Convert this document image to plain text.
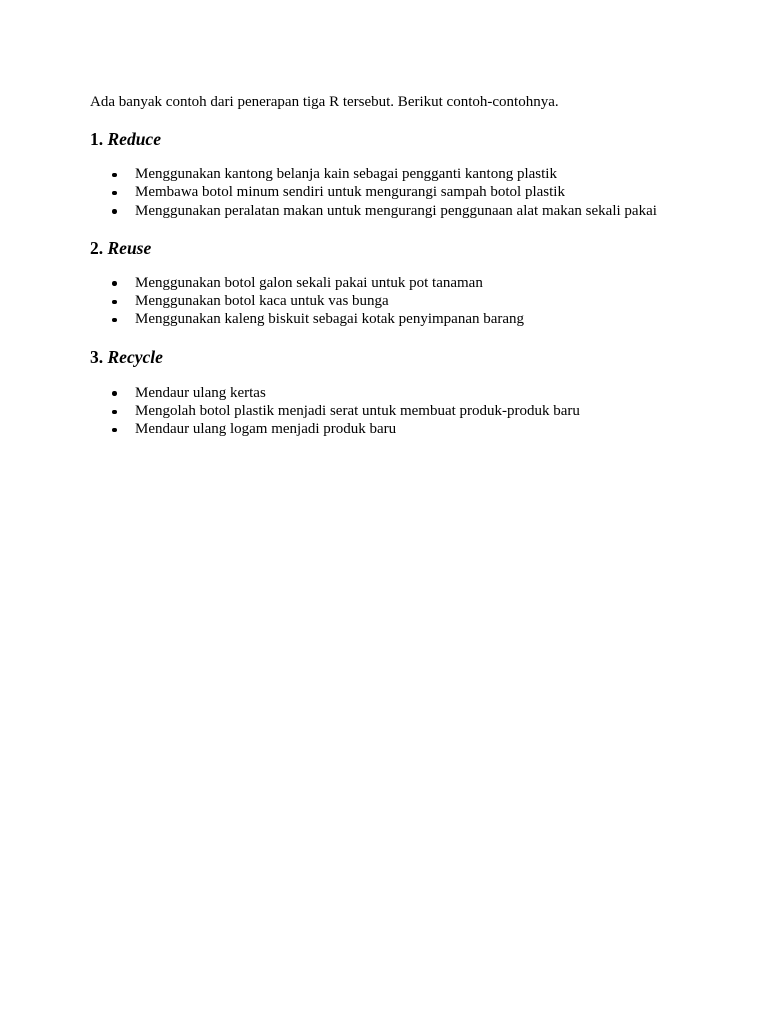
Ada banyak contoh dari penerapan tiga R tersebut. Berikut contoh-contohnya.

1. Reduce
Menggunakan kantong belanja kain sebagai pengganti kantong plastik
Membawa botol minum sendiri untuk mengurangi sampah botol plastik
Menggunakan peralatan makan untuk mengurangi penggunaan alat makan sekali pakai
2. Reuse
Menggunakan botol galon sekali pakai untuk pot tanaman
Menggunakan botol kaca untuk vas bunga
Menggunakan kaleng biskuit sebagai kotak penyimpanan barang
3. Recycle
Mendaur ulang kertas
Mengolah botol plastik menjadi serat untuk membuat produk-produk baru
Mendaur ulang logam menjadi produk baru
